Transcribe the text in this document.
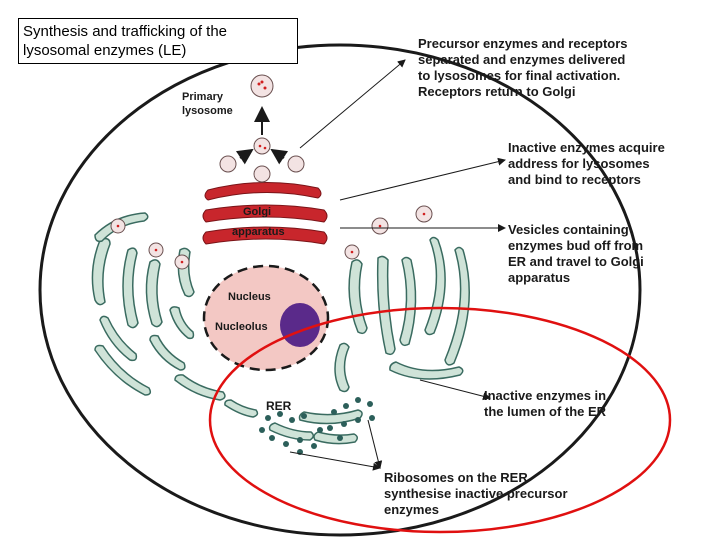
Primary
lysosome
Golgi
apparatus
Nucleus
Nucleolus
RER
Synthesis and trafficking of the
lysosomal enzymes (LE)	Precursor enzymes and receptors
separated and enzymes delivered
to lysosomes for final activation.
Receptors return to Golgi
Inactive enzymes acquire
address for lysosomes
and bind to receptors
Vesicles containing
enzymes bud off from
ER and travel to Golgi
apparatus
Inactive enzymes in
the lumen of the ER
Ribosomes on the RER
synthesise inactive precursor
enzymes
